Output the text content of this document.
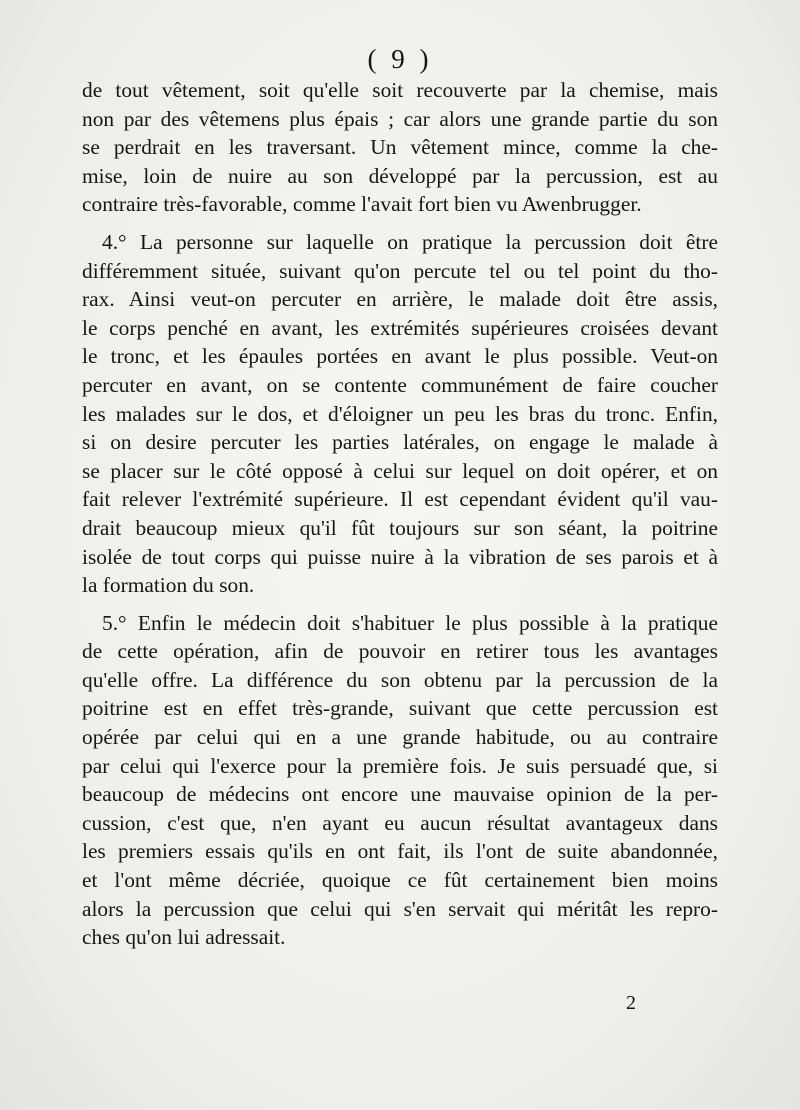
( 9 )
de tout vêtement, soit qu'elle soit recouverte par la chemise, mais
non par des vêtemens plus épais ; car alors une grande partie du son
se perdrait en les traversant. Un vêtement mince, comme la che-
mise, loin de nuire au son développé par la percussion, est au
contraire très-favorable, comme l'avait fort bien vu Awenbrugger.
4.° La personne sur laquelle on pratique la percussion doit être
différemment située, suivant qu'on percute tel ou tel point du tho-
rax. Ainsi veut-on percuter en arrière, le malade doit être assis,
le corps penché en avant, les extrémités supérieures croisées devant
le tronc, et les épaules portées en avant le plus possible. Veut-on
percuter en avant, on se contente communément de faire coucher
les malades sur le dos, et d'éloigner un peu les bras du tronc. Enfin,
si on desire percuter les parties latérales, on engage le malade à
se placer sur le côté opposé à celui sur lequel on doit opérer, et on
fait relever l'extrémité supérieure. Il est cependant évident qu'il vau-
drait beaucoup mieux qu'il fût toujours sur son séant, la poitrine
isolée de tout corps qui puisse nuire à la vibration de ses parois et à
la formation du son.
5.° Enfin le médecin doit s'habituer le plus possible à la pratique
de cette opération, afin de pouvoir en retirer tous les avantages
qu'elle offre. La différence du son obtenu par la percussion de la
poitrine est en effet très-grande, suivant que cette percussion est
opérée par celui qui en a une grande habitude, ou au contraire
par celui qui l'exerce pour la première fois. Je suis persuadé que, si
beaucoup de médecins ont encore une mauvaise opinion de la per-
cussion, c'est que, n'en ayant eu aucun résultat avantageux dans
les premiers essais qu'ils en ont fait, ils l'ont de suite abandonnée,
et l'ont même décriée, quoique ce fût certainement bien moins
alors la percussion que celui qui s'en servait qui méritât les repro-
ches qu'on lui adressait.
2
